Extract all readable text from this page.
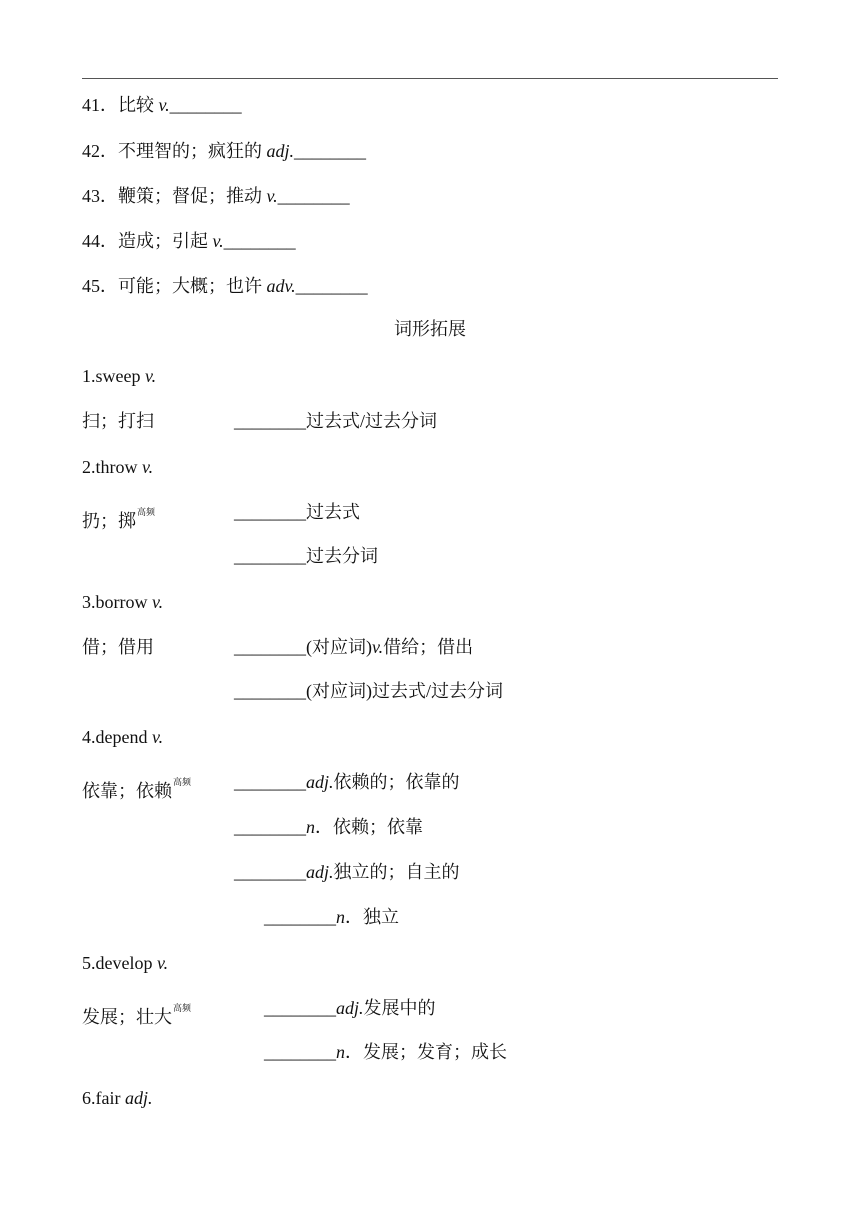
41．比较 v.________
42．不理智的；疯狂的 adj.________
43．鞭策；督促；推动 v.________
44．造成；引起 v.________
45．可能；大概；也许 adv.________
词形拓展
1.sweep v.
扫；打扫	________过去式/过去分词
2.throw v.
扔；掷$^{高频}$	________过去式
________过去分词
3.borrow v.
借；借用	________(对应词)v.借给；借出
________(对应词)过去式/过去分词
4.depend v.
依靠；依赖$^{高频}$ ________adj.依赖的；依靠的
________n．依赖；依靠
________adj.独立的；自主的
________n．独立
5.develop v.
发展；壮大$^{高频}$	________adj.发展中的
________n．发展；发育；成长
6.fair adj.
